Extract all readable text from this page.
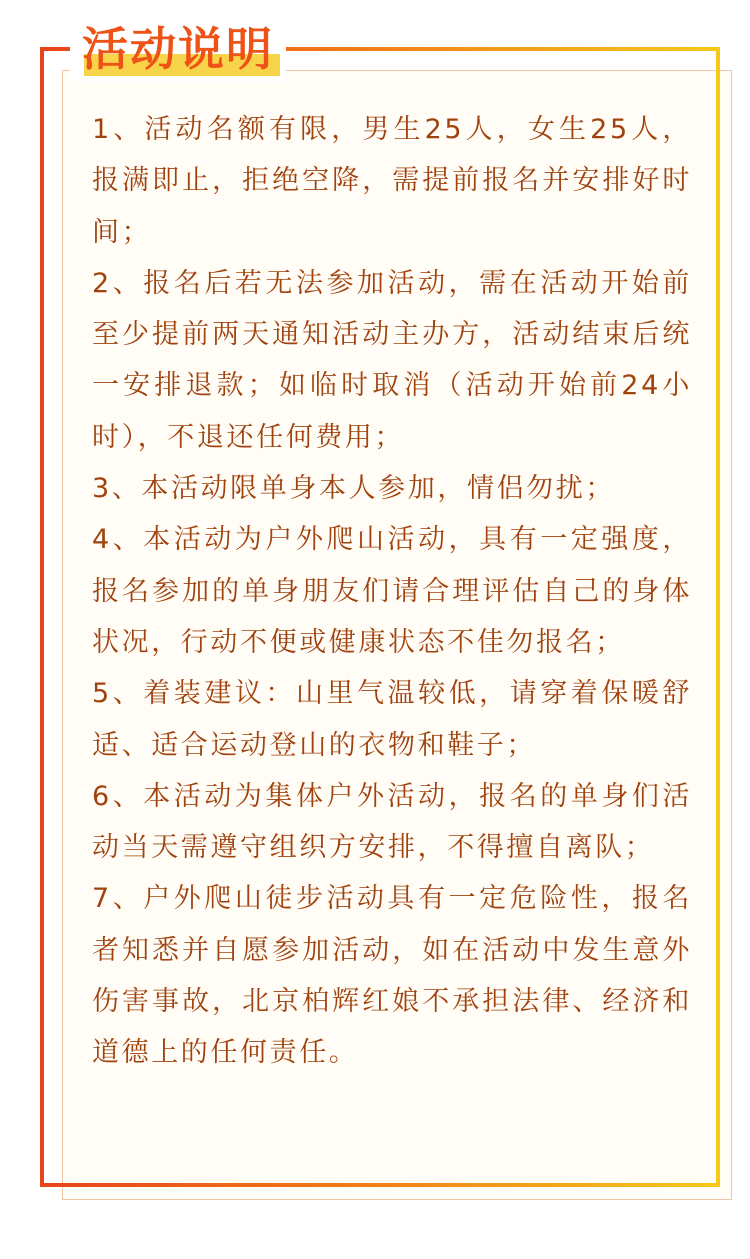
活动说明

1、活动名额有限，男生25人，女生25人，报满即止，拒绝空降，需提前报名并安排好时间；

2、报名后若无法参加活动，需在活动开始前至少提前两天通知活动主办方，活动结束后统一安排退款；如临时取消（活动开始前24小时），不退还任何费用；

3、本活动限单身本人参加，情侣勿扰；

4、本活动为户外爬山活动，具有一定强度，报名参加的单身朋友们请合理评估自己的身体状况，行动不便或健康状态不佳勿报名；

5、着装建议：山里气温较低，请穿着保暖舒适、适合运动登山的衣物和鞋子；

6、本活动为集体户外活动，报名的单身们活动当天需遵守组织方安排，不得擅自离队；

7、户外爬山徒步活动具有一定危险性，报名者知悉并自愿参加活动，如在活动中发生意外伤害事故，北京柏辉红娘不承担法律、经济和道德上的任何责任。
